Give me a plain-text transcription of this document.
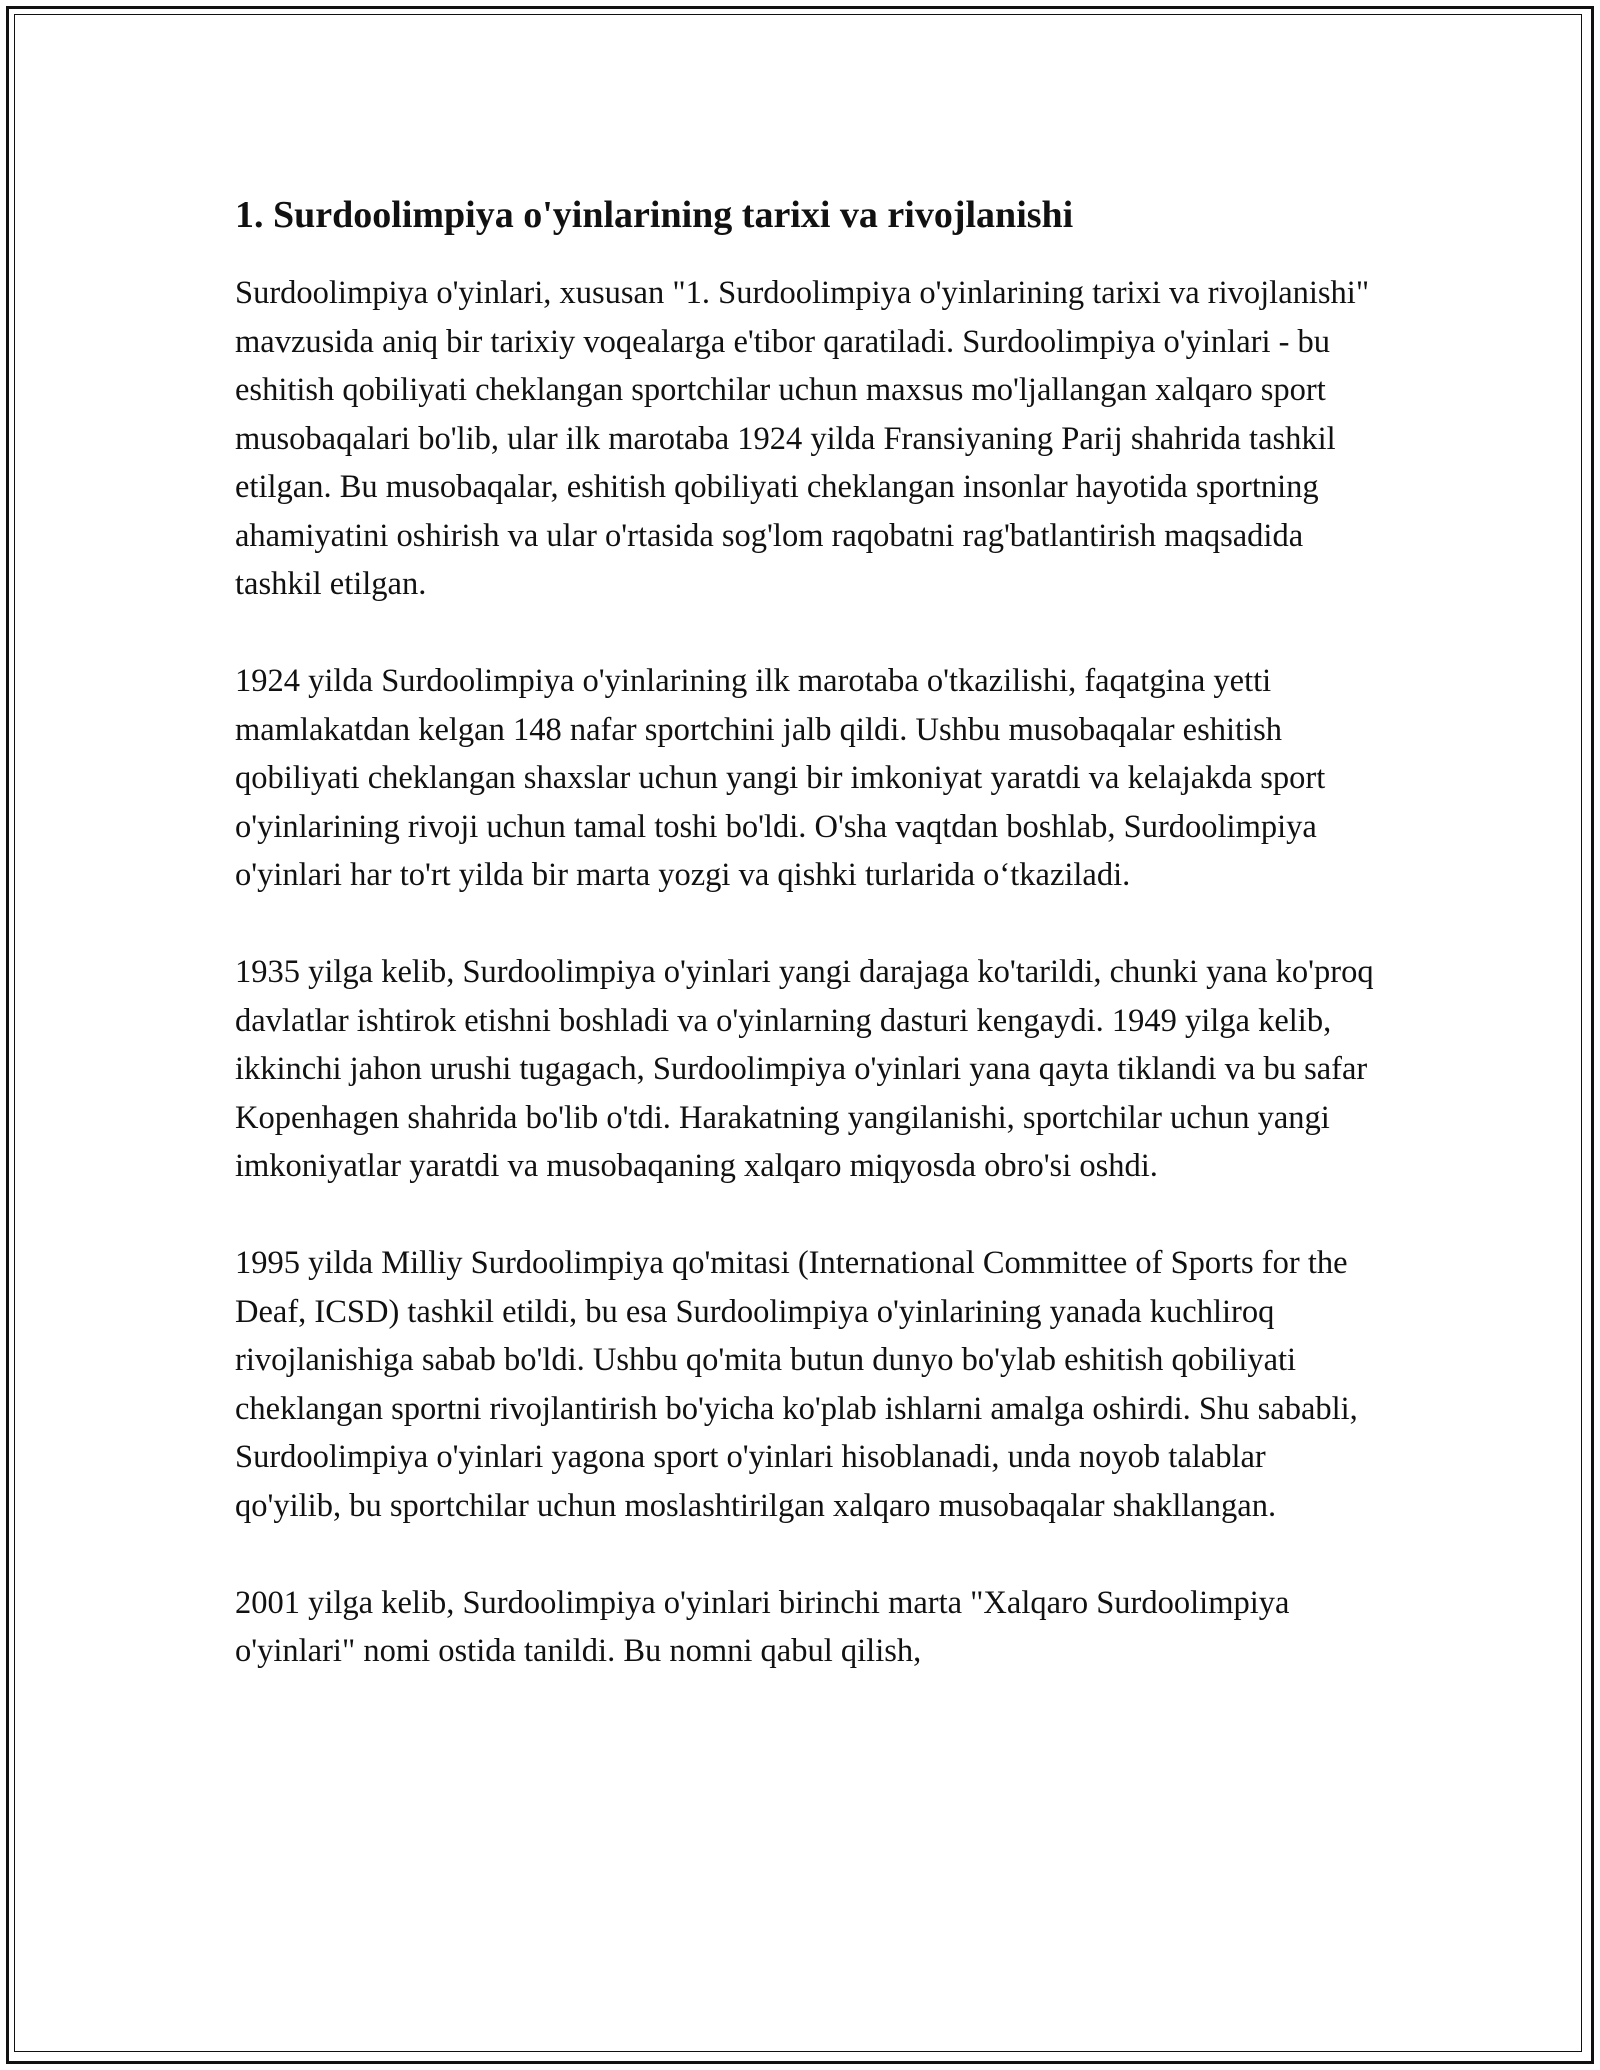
1. Surdoolimpiya o'yinlarining tarixi va rivojlanishi

Surdoolimpiya o'yinlari, xususan "1. Surdoolimpiya o'yinlarining tarixi va rivojlanishi" mavzusida aniq bir tarixiy voqealarga e'tibor qaratiladi. Surdoolimpiya o'yinlari - bu eshitish qobiliyati cheklangan sportchilar uchun maxsus mo'ljallangan xalqaro sport musobaqalari bo'lib, ular ilk marotaba 1924 yilda Fransiyaning Parij shahrida tashkil etilgan. Bu musobaqalar, eshitish qobiliyati cheklangan insonlar hayotida sportning ahamiyatini oshirish va ular o'rtasida sog'lom raqobatni rag'batlantirish maqsadida tashkil etilgan.

1924 yilda Surdoolimpiya o'yinlarining ilk marotaba o'tkazilishi, faqatgina yetti mamlakatdan kelgan 148 nafar sportchini jalb qildi. Ushbu musobaqalar eshitish qobiliyati cheklangan shaxslar uchun yangi bir imkoniyat yaratdi va kelajakda sport o'yinlarining rivoji uchun tamal toshi bo'ldi. O'sha vaqtdan boshlab, Surdoolimpiya o'yinlari har to'rt yilda bir marta yozgi va qishki turlarida o‘tkaziladi.

1935 yilga kelib, Surdoolimpiya o'yinlari yangi darajaga ko'tarildi, chunki yana ko'proq davlatlar ishtirok etishni boshladi va o'yinlarning dasturi kengaydi. 1949 yilga kelib, ikkinchi jahon urushi tugagach, Surdoolimpiya o'yinlari yana qayta tiklandi va bu safar Kopenhagen shahrida bo'lib o'tdi. Harakatning yangilanishi, sportchilar uchun yangi imkoniyatlar yaratdi va musobaqaning xalqaro miqyosda obro'si oshdi.

1995 yilda Milliy Surdoolimpiya qo'mitasi (International Committee of Sports for the Deaf, ICSD) tashkil etildi, bu esa Surdoolimpiya o'yinlarining yanada kuchliroq rivojlanishiga sabab bo'ldi. Ushbu qo'mita butun dunyo bo'ylab eshitish qobiliyati cheklangan sportni rivojlantirish bo'yicha ko'plab ishlarni amalga oshirdi. Shu sababli, Surdoolimpiya o'yinlari yagona sport o'yinlari hisoblanadi, unda noyob talablar qo'yilib, bu sportchilar uchun moslashtirilgan xalqaro musobaqalar shakllangan.

2001 yilga kelib, Surdoolimpiya o'yinlari birinchi marta "Xalqaro Surdoolimpiya o'yinlari" nomi ostida tanildi. Bu nomni qabul qilish,
